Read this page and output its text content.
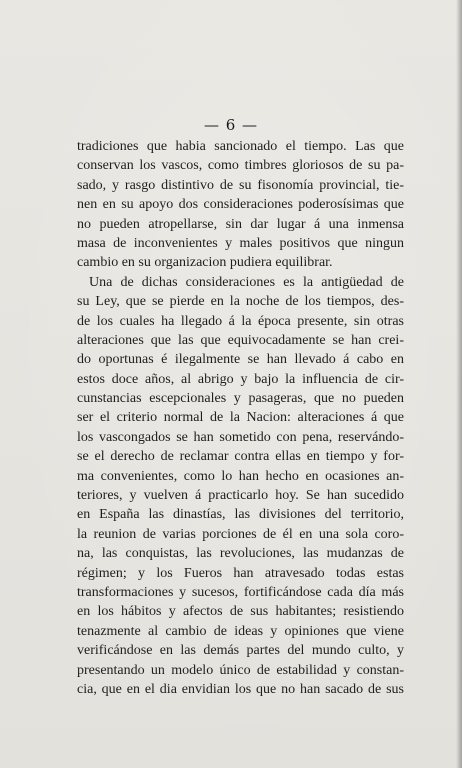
— 6 —
tradiciones que habia sancionado el tiempo. Las que
conservan los vascos, como timbres gloriosos de su pa-
sado, y rasgo distintivo de su fisonomía provincial, tie-
nen en su apoyo dos consideraciones poderosísimas que
no pueden atropellarse, sin dar lugar á una inmensa
masa de inconvenientes y males positivos que ningun
cambio en su organizacion pudiera equilibrar.
Una de dichas consideraciones es la antigüedad de
su Ley, que se pierde en la noche de los tiempos, des-
de los cuales ha llegado á la época presente, sin otras
alteraciones que las que equivocadamente se han crei-
do oportunas é ilegalmente se han llevado á cabo en
estos doce años, al abrigo y bajo la influencia de cir-
cunstancias escepcionales y pasageras, que no pueden
ser el criterio normal de la Nacion: alteraciones á que
los vascongados se han sometido con pena, reservándo-
se el derecho de reclamar contra ellas en tiempo y for-
ma convenientes, como lo han hecho en ocasiones an-
teriores, y vuelven á practicarlo hoy. Se han sucedido
en España las dinastías, las divisiones del territorio,
la reunion de varias porciones de él en una sola coro-
na, las conquistas, las revoluciones, las mudanzas de
régimen; y los Fueros han atravesado todas estas
transformaciones y sucesos, fortificándose cada día más
en los hábitos y afectos de sus habitantes; resistiendo
tenazmente al cambio de ideas y opiniones que viene
verificándose en las demás partes del mundo culto, y
presentando un modelo único de estabilidad y constan-
cia, que en el dia envidian los que no han sacado de sus
